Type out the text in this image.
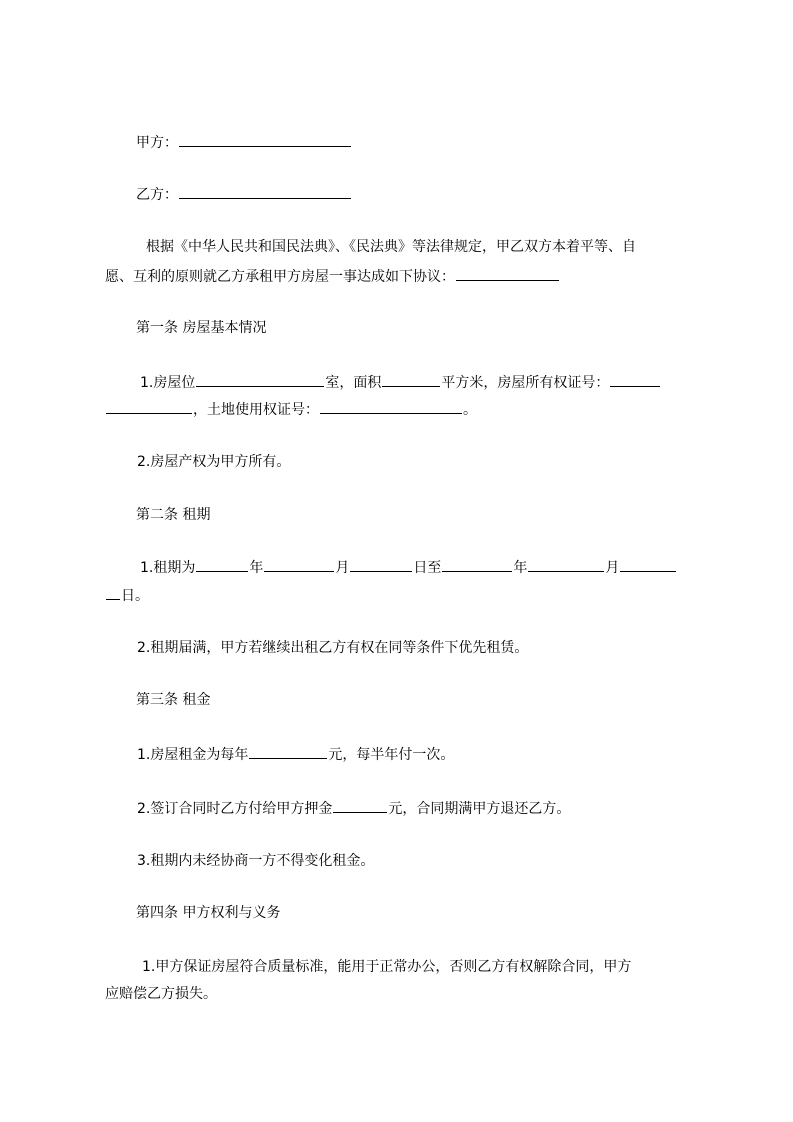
甲方：
乙方：
根据《中华人民共和国民法典》、《民法典》等法律规定，甲乙双方本着平等、自
愿、互利的原则就乙方承租甲方房屋一事达成如下协议：
第一条 房屋基本情况
1.房屋位	室，面积	平方米，房屋所有权证号：
，土地使用权证号：	。
2.房屋产权为甲方所有。
第二条 租期
1.租期为	年	月	日至	年	月
日。
2.租期届满，甲方若继续出租乙方有权在同等条件下优先租赁。
第三条 租金
1.房屋租金为每年	元，每半年付一次。
2.签订合同时乙方付给甲方押金	元，合同期满甲方退还乙方。
3.租期内未经协商一方不得变化租金。
第四条 甲方权利与义务
1.甲方保证房屋符合质量标准，能用于正常办公，否则乙方有权解除合同，甲方
应赔偿乙方损失。
